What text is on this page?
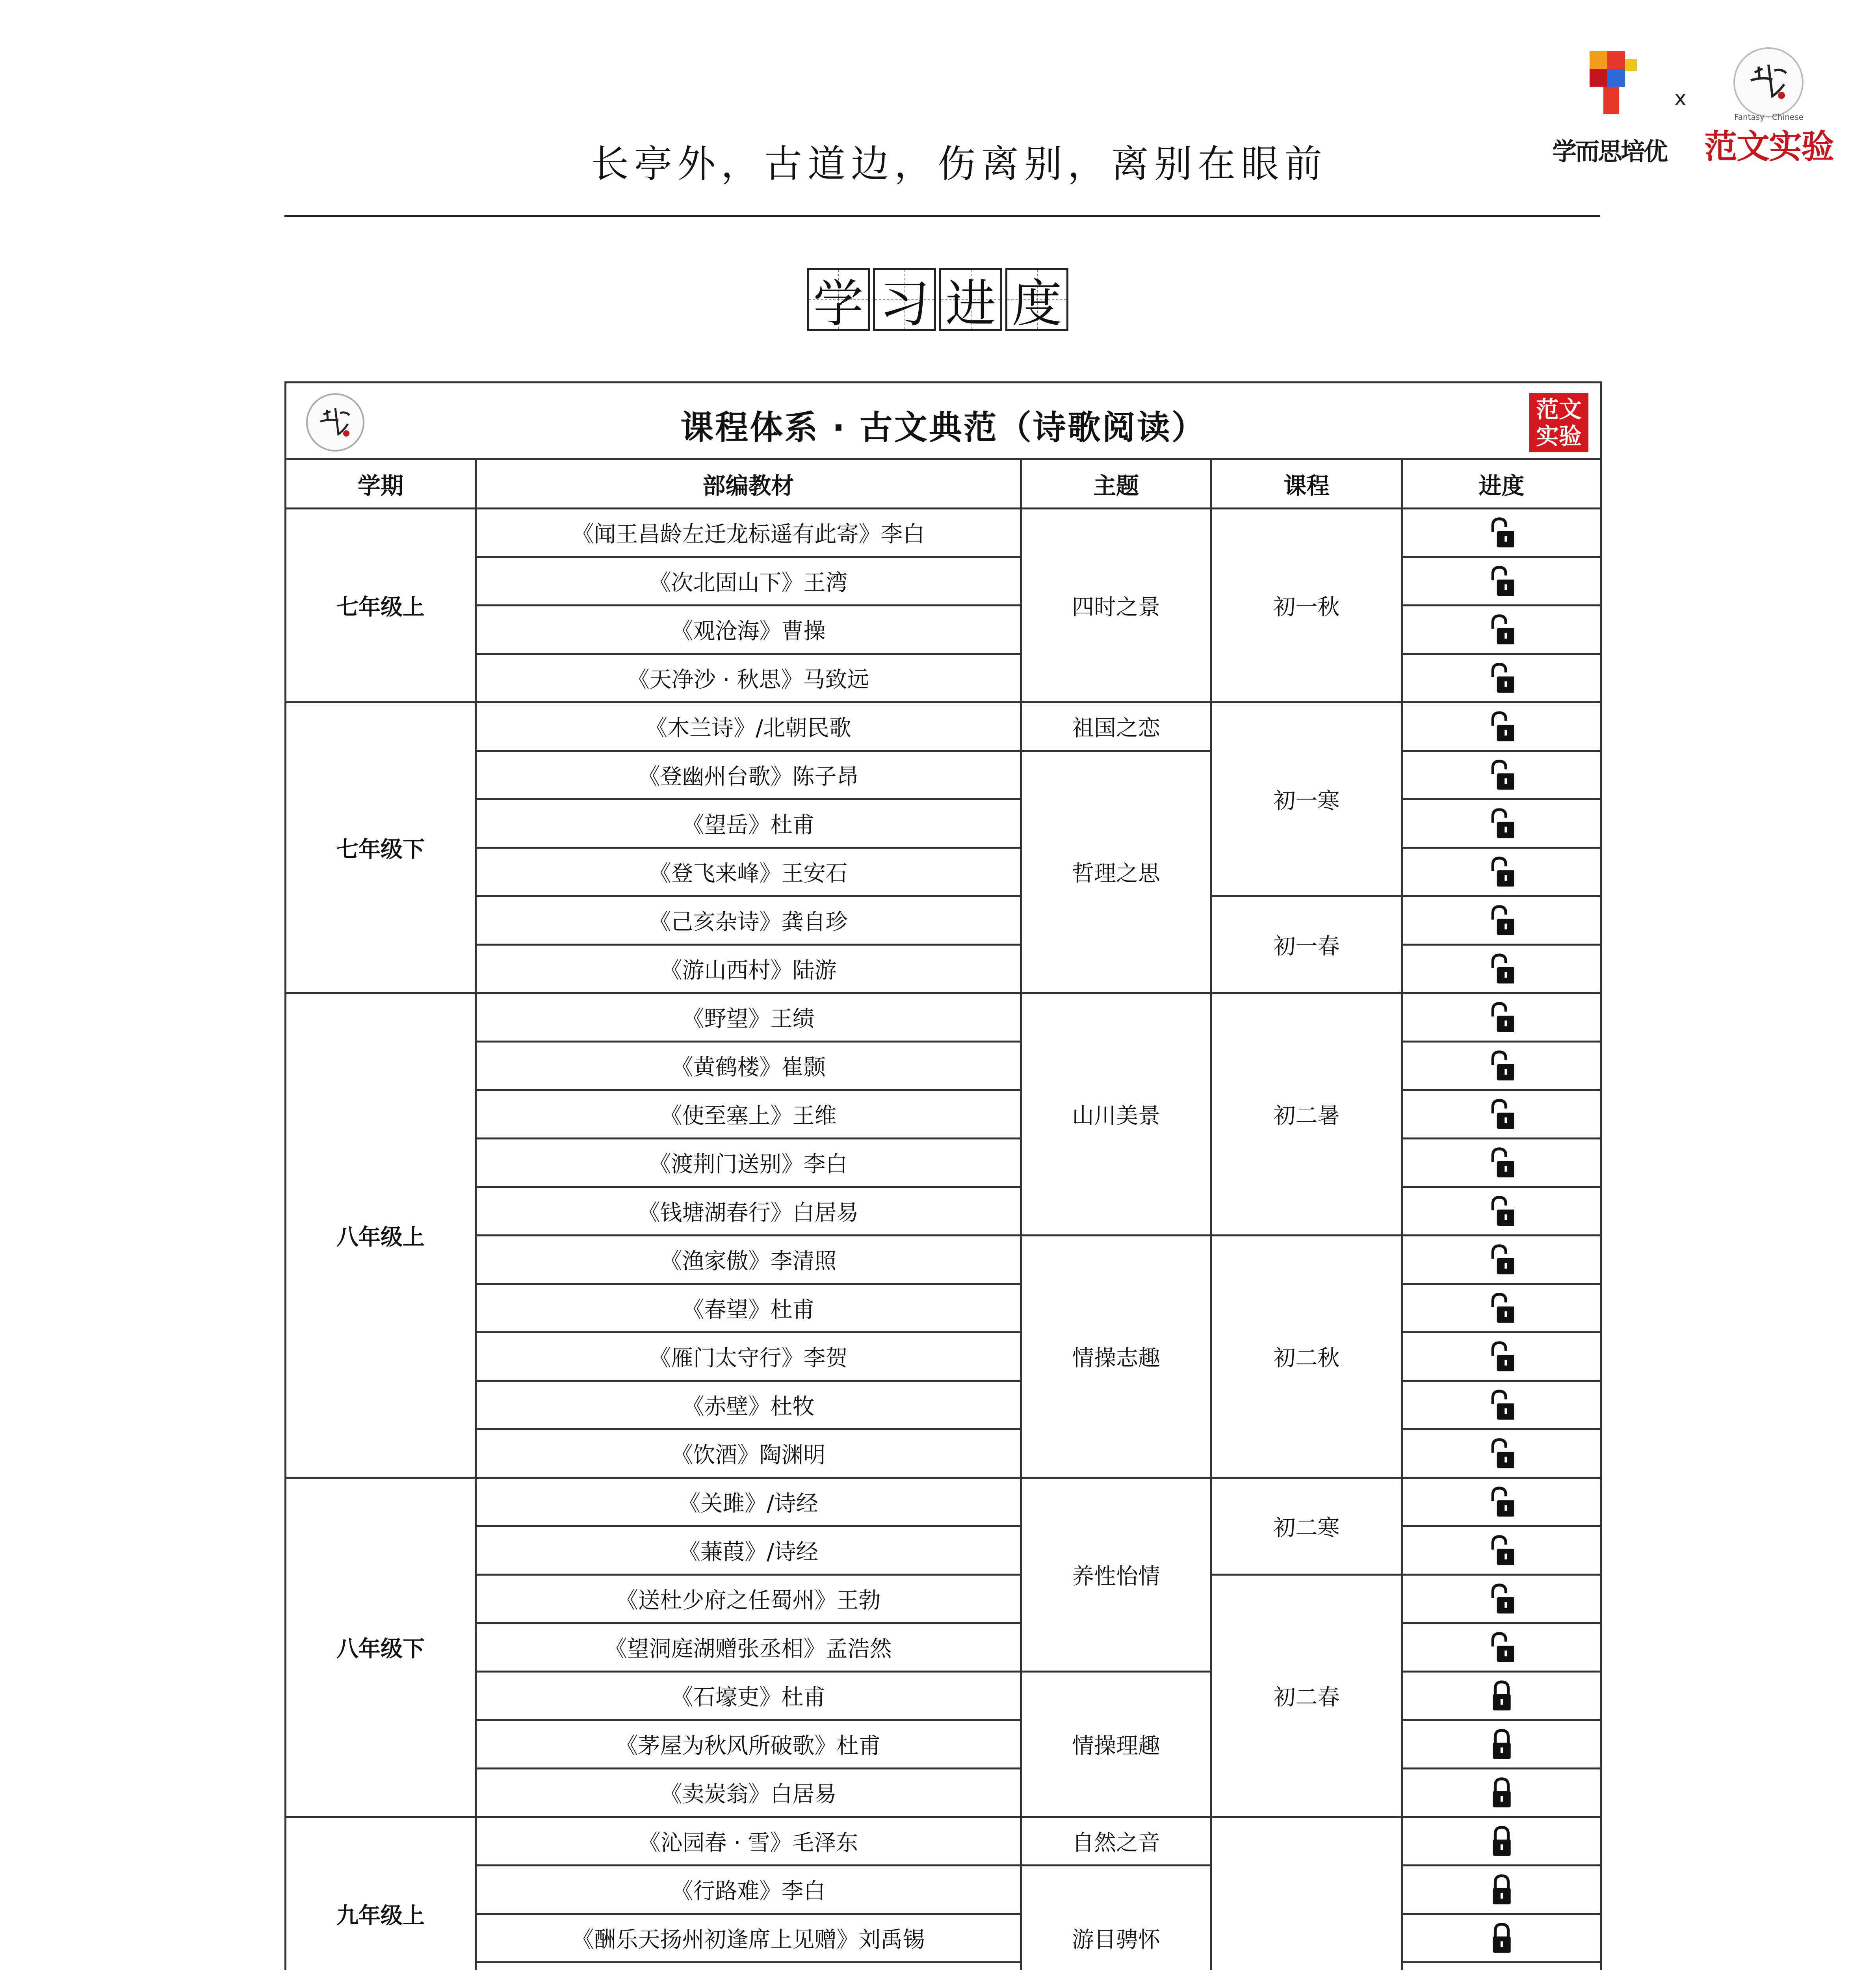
学而思培优
x
Fantasy · Chinese
范文实验
长亭外，古道边，伤离别，离别在眼前
学 习 进 度
课程体系 · 古文典范（诗歌阅读） 范文
实验				

学期	部编教材	主题	课程	进度
七年级上	《闻王昌龄左迁龙标遥有此寄》李白	四时之景	初一秋	
	《次北固山下》王湾	
	《观沧海》曹操	
	《天净沙 · 秋思》马致远	
七年级下	《木兰诗》/北朝民歌	祖国之恋	初一寒	
	《登幽州台歌》陈子昂	哲理之思	
	《望岳》杜甫	
	《登飞来峰》王安石	
	《己亥杂诗》龚自珍		初一春	
	《游山西村》陆游	
八年级上	《野望》王绩	山川美景	初二暑	
	《黄鹤楼》崔颢	
	《使至塞上》王维	
	《渡荆门送别》李白	
	《钱塘湖春行》白居易	
	《渔家傲》李清照	情操志趣	初二秋	
	《春望》杜甫	
	《雁门太守行》李贺	
	《赤壁》杜牧	
	《饮酒》陶渊明	
八年级下	《关雎》/诗经	养性怡情	初二寒	
	《蒹葭》/诗经	
	《送杜少府之任蜀州》王勃		初二春	
	《望洞庭湖赠张丞相》孟浩然	
	《石壕吏》杜甫	情操理趣	
	《茅屋为秋风所破歌》杜甫	
	《卖炭翁》白居易	
九年级上	《沁园春 · 雪》毛泽东	自然之音		
	《行路难》李白	游目骋怀	
	《酬乐天扬州初逢席上见赠》刘禹锡	
